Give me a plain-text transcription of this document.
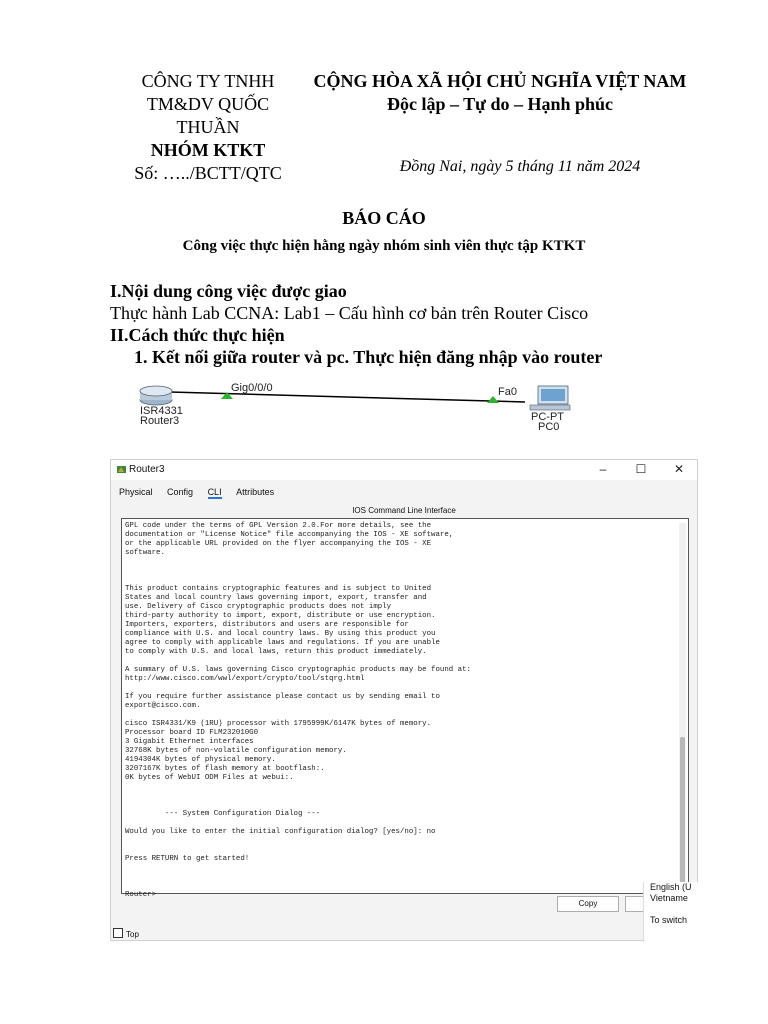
CÔNG TY TNHH
TM&DV QUỐC
THUẦN
NHÓM KTKT
Số: …../BCTT/QTC
CỘNG HÒA XÃ HỘI CHỦ NGHĨA VIỆT NAM
Độc lập – Tự do – Hạnh phúc
Đồng Nai, ngày 5 tháng 11 năm 2024
BÁO CÁO
Công việc thực hiện hằng ngày nhóm sinh viên thực tập KTKT
I.Nội dung công việc được giao
Thực hành Lab CCNA: Lab1 – Cấu hình cơ bản trên Router Cisco
II.Cách thức thực hiện
1. Kết nối giữa router và pc. Thực hiện đăng nhập vào router
Gig0/0/0
ISR4331
Router3
Fa0
PC-PT
PC0
Router3	–	☐	✕
Physical Config CLI Attributes
IOS Command Line Interface
GPL code under the terms of GPL Version 2.0.For more details, see the
documentation or "License Notice" file accompanying the IOS - XE software,
or the applicable URL provided on the flyer accompanying the IOS - XE
software.

This product contains cryptographic features and is subject to United
States and local country laws governing import, export, transfer and
use. Delivery of Cisco cryptographic products does not imply
third-party authority to import, export, distribute or use encryption.
Importers, exporters, distributors and users are responsible for
compliance with U.S. and local country laws. By using this product you
agree to comply with applicable laws and regulations. If you are unable
to comply with U.S. and local laws, return this product immediately.

A summary of U.S. laws governing Cisco cryptographic products may be found at:
http://www.cisco.com/wwl/export/crypto/tool/stqrg.html

If you require further assistance please contact us by sending email to
export@cisco.com.

cisco ISR4331/K9 (1RU) processor with 1795999K/6147K bytes of memory.
Processor board ID FLM232010G0
3 Gigabit Ethernet interfaces
32768K bytes of non-volatile configuration memory.
4194304K bytes of physical memory.
3207167K bytes of flash memory at bootflash:.
0K bytes of WebUI ODM Files at webui:.

--- System Configuration Dialog ---

Would you like to enter the initial configuration dialog? [yes/no]: no

Press RETURN to get started!

Router>
Copy
Top
English (U
Vietname
To switch
